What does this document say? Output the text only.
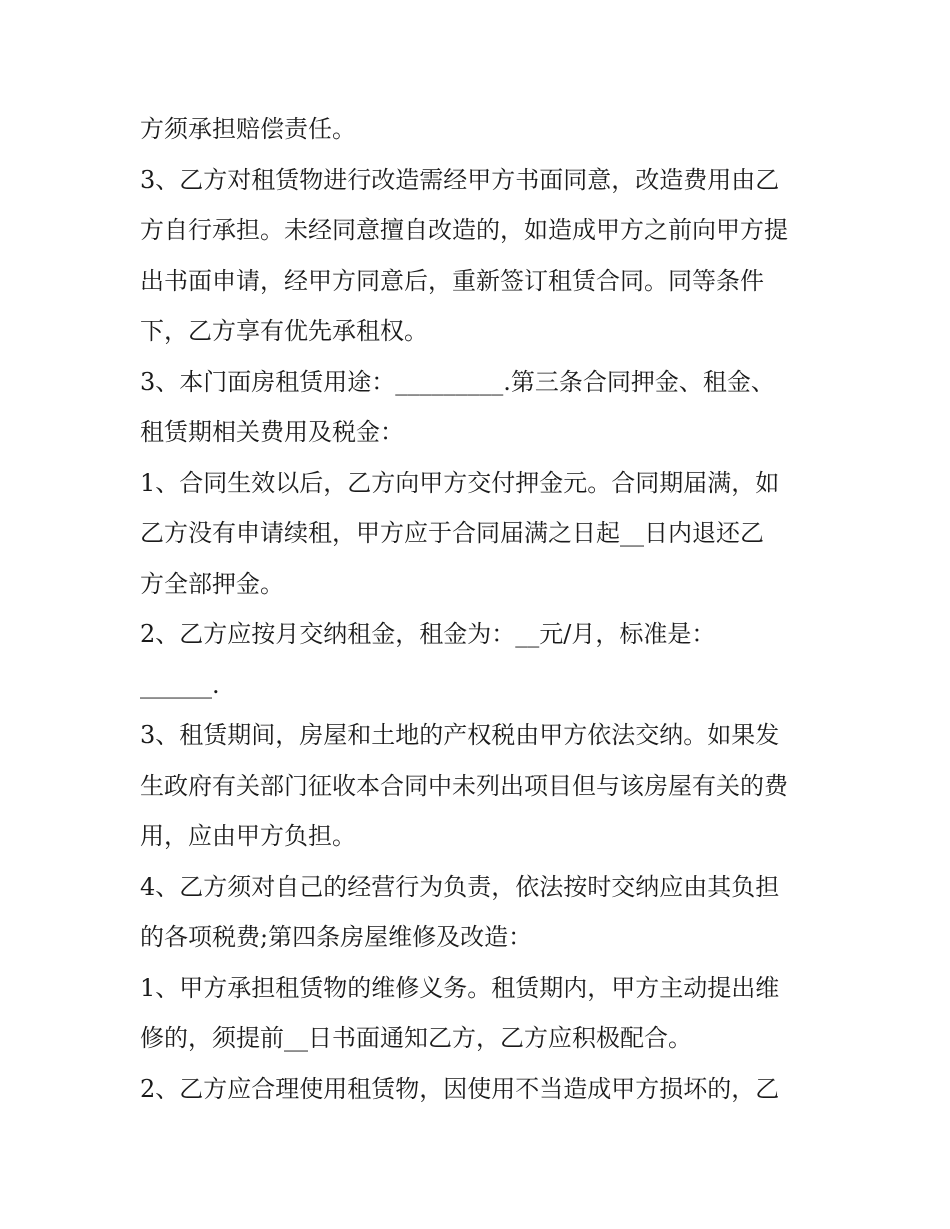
方须承担赔偿责任。
3、乙方对租赁物进行改造需经甲方书面同意，改造费用由乙
方自行承担。未经同意擅自改造的，如造成甲方之前向甲方提
出书面申请，经甲方同意后，重新签订租赁合同。同等条件
下，乙方享有优先承租权。
3、本门面房租赁用途：_________.第三条合同押金、租金、
租赁期相关费用及税金：
1、合同生效以后，乙方向甲方交付押金元。合同期届满，如
乙方没有申请续租，甲方应于合同届满之日起__日内退还乙
方全部押金。
2、乙方应按月交纳租金，租金为：__元/月，标准是：
______.
3、租赁期间，房屋和土地的产权税由甲方依法交纳。如果发
生政府有关部门征收本合同中未列出项目但与该房屋有关的费
用，应由甲方负担。
4、乙方须对自己的经营行为负责，依法按时交纳应由其负担
的各项税费;第四条房屋维修及改造：
1、甲方承担租赁物的维修义务。租赁期内，甲方主动提出维
修的，须提前__日书面通知乙方，乙方应积极配合。
2、乙方应合理使用租赁物，因使用不当造成甲方损坏的，乙
